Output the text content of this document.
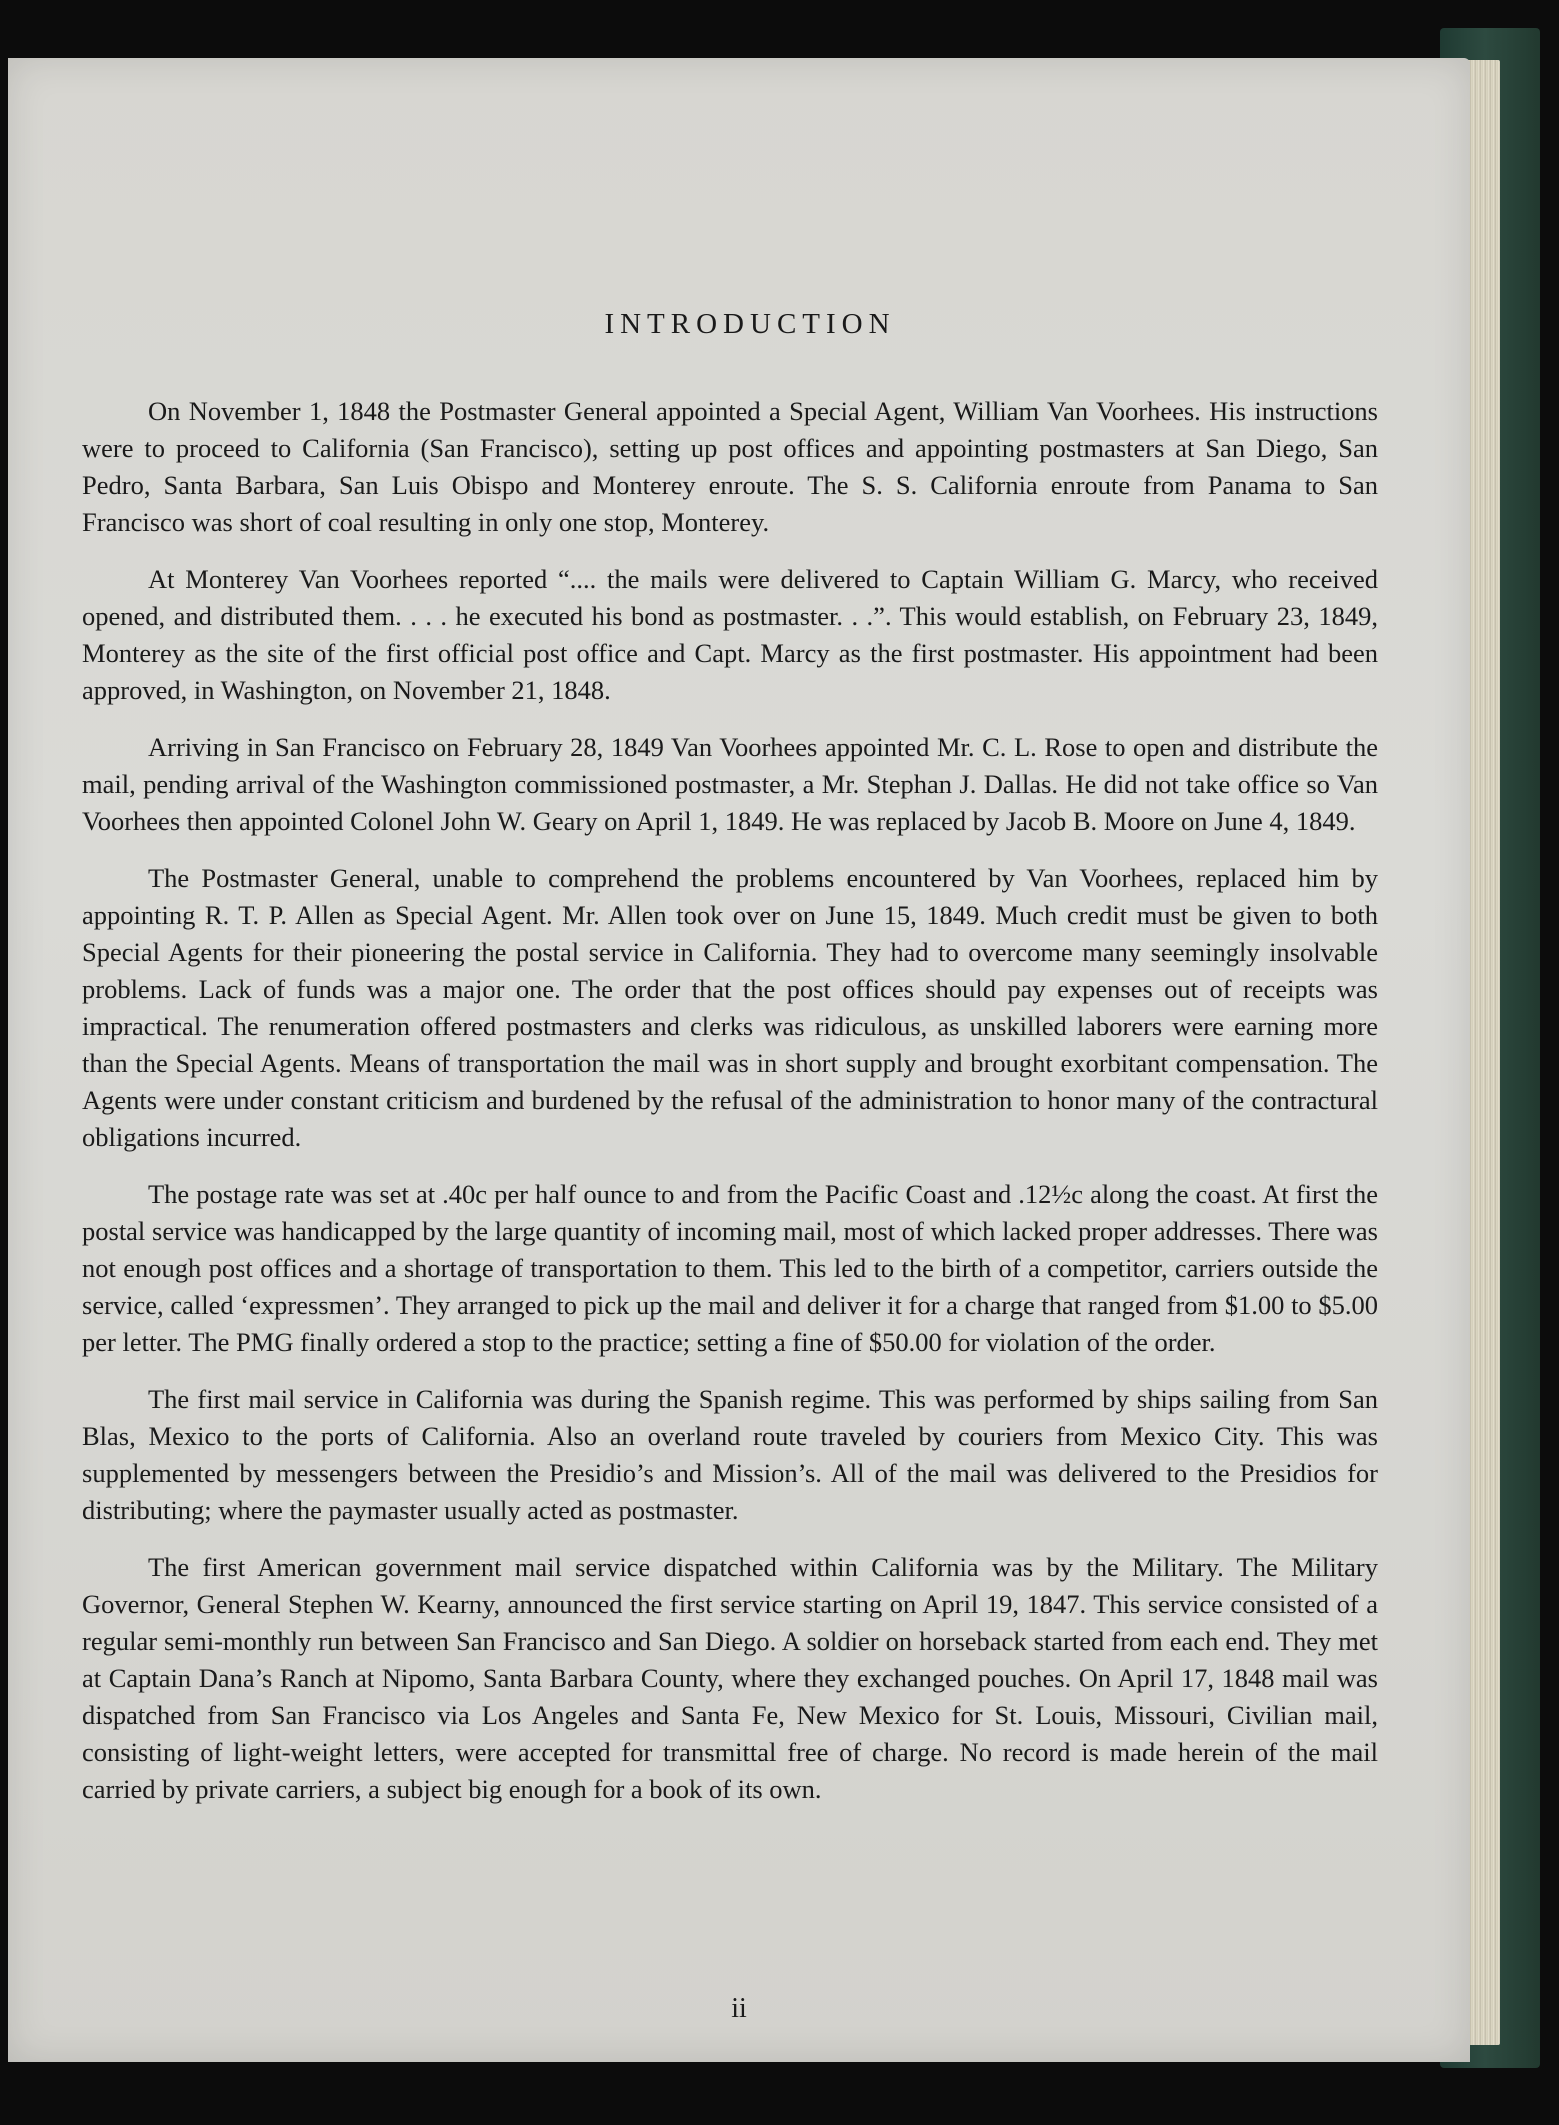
INTRODUCTION

On November 1, 1848 the Postmaster General appointed a Special Agent, William Van Voorhees. His instructions were to proceed to California (San Francisco), setting up post offices and appointing postmasters at San Diego, San Pedro, Santa Barbara, San Luis Obispo and Monterey enroute. The S. S. California enroute from Panama to San Francisco was short of coal resulting in only one stop, Monterey.

At Monterey Van Voorhees reported “.... the mails were delivered to Captain William G. Marcy, who received opened, and distributed them. . . . he executed his bond as postmaster. . .”. This would establish, on February 23, 1849, Monterey as the site of the first official post office and Capt. Marcy as the first postmaster. His appointment had been approved, in Washington, on November 21, 1848.

Arriving in San Francisco on February 28, 1849 Van Voorhees appointed Mr. C. L. Rose to open and distribute the mail, pending arrival of the Washington commissioned postmaster, a Mr. Stephan J. Dallas. He did not take office so Van Voorhees then appointed Colonel John W. Geary on April 1, 1849. He was replaced by Jacob B. Moore on June 4, 1849.

The Postmaster General, unable to comprehend the problems encountered by Van Voorhees, replaced him by appointing R. T. P. Allen as Special Agent. Mr. Allen took over on June 15, 1849. Much credit must be given to both Special Agents for their pioneering the postal service in California. They had to overcome many seemingly insolvable problems. Lack of funds was a major one. The order that the post offices should pay expenses out of receipts was impractical. The renumeration offered postmasters and clerks was ridiculous, as unskilled laborers were earning more than the Special Agents. Means of transportation the mail was in short supply and brought exorbitant compensation. The Agents were under constant criticism and burdened by the refusal of the administration to honor many of the contractural obligations incurred.

The postage rate was set at .40c per half ounce to and from the Pacific Coast and .12½c along the coast. At first the postal service was handicapped by the large quantity of incoming mail, most of which lacked proper addresses. There was not enough post offices and a shortage of transportation to them. This led to the birth of a competitor, carriers outside the service, called ‘expressmen’. They arranged to pick up the mail and deliver it for a charge that ranged from $1.00 to $5.00 per letter. The PMG finally ordered a stop to the practice; setting a fine of $50.00 for violation of the order.

The first mail service in California was during the Spanish regime. This was performed by ships sailing from San Blas, Mexico to the ports of California. Also an overland route traveled by couriers from Mexico City. This was supplemented by messengers between the Presidio’s and Mission’s. All of the mail was delivered to the Presidios for distributing; where the paymaster usually acted as postmaster.

The first American government mail service dispatched within California was by the Military. The Military Governor, General Stephen W. Kearny, announced the first service starting on April 19, 1847. This service consisted of a regular semi-monthly run between San Francisco and San Diego. A soldier on horseback started from each end. They met at Captain Dana’s Ranch at Nipomo, Santa Barbara County, where they exchanged pouches. On April 17, 1848 mail was dispatched from San Francisco via Los Angeles and Santa Fe, New Mexico for St. Louis, Missouri, Civilian mail, consisting of light-weight letters, were accepted for transmittal free of charge. No record is made herein of the mail carried by private carriers, a subject big enough for a book of its own.

ii
